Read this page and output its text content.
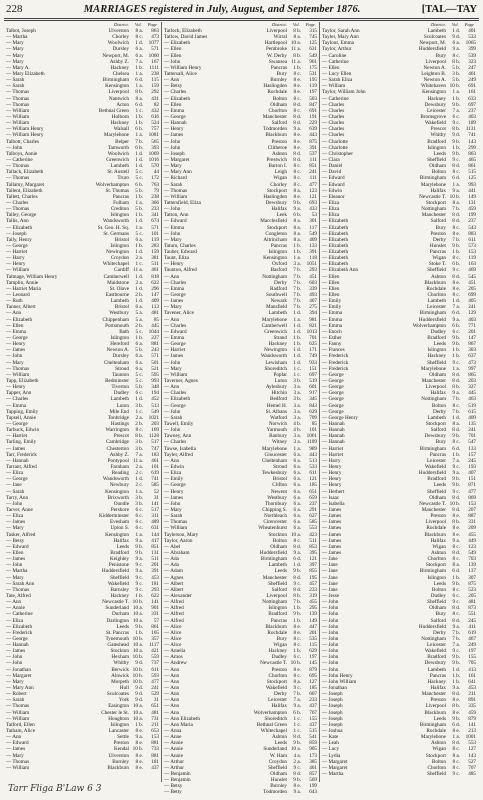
228	MARRIAGES registered in July, August, and September 1876.	[TAL—TAY
District. Vol. Page
Talbot, Joseph	Ulverston	8 a.	863
— Martha	Chorley	8 c.	473
— Mary	Woolwich	1 d.	1077
— Mary	Dursley	6 a.	571
— Mary	Newport, M.	6 a.	1060
— Mary	Ashby Z.	7 a.	167
— Mary A.	Hackney	1 b.	1111
— Mary Elizabeth	Chelsea	1 a.	238
— Sarah	Birmingham	6 d.	115
— Sarah	Kensington	1 a.	159
— Thomas	Liverpool	8 b.	292
— Thomas	Nantwich	8 a.	431
— Thomas	Acton	6 d.	82
— William	Bethnal Green	1 c.	432
— William	Holborn	1 b.	616
— William	Hackney	1 b.	524
— William Henry	Walsall	6 b.	757
— William Henry	Marylebone	1 a.	1081
Talbott, Charles	Belper	7 b.	565
— John	Tamworth	6 b.	393
Talboys, Annie	Woolwich	1 d.	1069
— Catherine	Greenwich	1 d.	1016
— Thomas	Lambeth	1 d.	570
Tallack, Elizabeth	St. Austell	5 c.	44
— Thomas	Truro	5 c.	172
Tallamy, Margaret	Wolverhampton	6 b.	763
Tallent, Elizabeth	St. Thomas	5 b.	79
Tallett, Charles	Pancras	1 b.	238
— Charles	Fulham	1 a.	366
— Thomas	Crediton	5 b.	233
Talley, George	Islington	1 b.	341
Tallis, Ann	Wandsworth	1 d.	674
— Elizabeth	St. Geo. H. Sq.	1 a.	571
— Joseph	St. Germans	5 c.	101
Tally, Henry	Bristol	6 a.	119
— George	Islington	1 b.	283
— Harriet	Newington	1 d.	159
— Harry	Croydon	2 a.	381
— Henry	Whitechapel	1 c.	511
— William	Cardiff 11 a.	461
Talmage, William Henry	Camberwell	1 d.	818
Tamplin, Annie	Maidstone	2 a.	622
— Harriet Maria	St. Olave	1 d.	296
— Leonard	Eastbourne	2 b.	147
— Ruth	Lambeth	1 d.	409
Tanner, Albert	Bristol	6 a.	113
— Ann	Westbury	5 a.	481
— Elizabeth	Chippenham	5 a.	85
— Ellen	Portsmouth	2 b.	445
— Emma	Bath	5 c.	1044
— George	Islington	1 b.	227
— Henry	Hereford	6 a.	881
— James	Newton A.	5 b.	243
— John	Dursley	6 a.	571
— Mary	Cheltenham	6 a.	501
— Thomas	Stroud	6 a.	521
— William	Taunton	5 c.	595
Tapp, Elizabeth	Bedminster	5 c.	993
— Henry	Tiverton	5 b.	348
Tapper, Ann	Dudley	6 c.	194
— Charles	Lambeth	1 d.	452
— Emma	Luton	3 b.	513
Tapping, Emily	Mile End	1 c.	549
Tapsell, Annie	Tonbridge	2 a.	1021
— George	Hastings	2 b.	203
Tarbuck, Edwin	Warrington	8 c.	169
— Harriet	Prescot	8 b.	1128
Tarling, Emily	Cambridge	3 b.	517
— James	Chesterton	3 b.	747
Tarr, Frederick	Ashby Z.	7 a.	183
— Hannah	Pontypool 11 a.	461
Tarrant, Alfred	Farnham	2 a.	101
— Eliza	Reading	2 c.	619
— George	Wandsworth	1 d.	741
— Jane	Newbury	2 c.	585
— Sarah	Kensington	1 a.	52
Tarry, Ann	Brixworth	3 b.	31
— John	Oundle	3 b.	141
Tarver, Anne	Pershore	6 c.	517
— Eliza	Kidderminster	6 c.	311
— James	Evesham	6 c.	489
— Mary	Upton S.	6 c.	631
Tasker, Alfred	Kensington	1 a.	144
— Betsy	Halifax	9 a.	417
— Edward	Leeds	9 b.	851
— Ellen	Bradford	9 b.	131
— James	Keighley	9 a.	511
— John	Penistone	9 c.	201
— Martha	Huddersfield	9 a.	391
— Mary	Sheffield	9 c.	453
— Sarah Ann	Wakefield	9 c.	181
— Thomas	Barnsley	9 c.	293
Tate, Alfred	Hackney	1 b.	622
— Ann	Newcastle T. 10 b.	141
— Annie	Sunderland 10 a.	901
— Catherine	Durham 10 a.	331
— Eliza	Darlington 10 a.	57
— Elizabeth	Leeds	9 b.	861
— Frederick	St. Pancras	1 b.	165
— George	Tynemouth 10 b.	357
— Hannah	Gateshead 10 a.	1117
— James	Stockton 10 a.	421
— John	Hexham 10 b.	559
— John	Whitby	9 d.	737
— Jonathan	Berwick 10 b.	611
— Margaret	Alnwick 10 b.	593
— Mary	Morpeth 10 b.	477
— Mary Ann	Hull	9 d.	241
— Robert	Sculcoates	9 d.	529
— Sarah	York	9 d.	31
— Thomas	Easington 10 a.	651
— William	Chester le St. 10 a.	481
— William	Houghton 10 a.	731
Tatford, Ellen	Islington	1 b.	211
Tatham, Alice	Lancaster	8 e.	653
— Ann	Settle	9 a.	153
— Edward	Preston	8 e.	881
— James	Kendal 10 b.	733
— Mary	Ulverston	8 e.	881
— Thomas	Burnley	8 e.	181
— William	Blackburn	8 e.	437
District. Vol. Page
Tatlock, Elizabeth	Liverpool	8 b.	315
Tatlow, David James	Wirral	8 a.	745
— Elizabeth	Hartlepool 10 a.	125
— Ellen	Pembroke 11 a.	631
— Ellen	W. Derby	8 b.	549
— John	Swansea 11 a.	961
— William Henry	Pancras	1 b.	175
Tattersall, Alice	Bury	8 c.	531
— Ann	Burnley	8 e.	195
— Betsy	Haslingden	8 e.	119
— Charles	Rochdale	8 e.	197
— Elizabeth	Bolton	8 c.	503
— Ellen	Oldham	8 d.	847
— Emma	Chorlton	8 c.	691
— George	Manchester	8 d.	191
— Hannah	Salford	8 d.	229
— Henry	Todmorden	9 a.	639
— James	Blackburn	8 e.	443
— John	Preston	8 e.	875
— John	Clitheroe	8 e.	391
— Joseph	Ashton	8 d.	537
— Margaret	Prestwich	8 d.	111
— Mary	Barton I.	8 c.	851
— Mary Ann	Leigh	8 c.	241
— Richard	Wigan	8 c.	111
— Sarah	Chorley	8 c.	477
— Thomas	Stockport	8 a.	123
— William	Haslingden	8 e.	121
Tattersfield, Eliza	Dewsbury	9 b.	693
— John	Halifax	9 a.	433
Tatton, Ann	Leek	6 b.	53
— Edward	Macclesfield	8 a.	301
— Emma	Stockport	8 a.	117
— John	Congleton	8 a.	549
— Mary	Altrincham	8 a.	409
Tatum, Charles	Pancras	1 b.	133
Tauber, Edward	Islington	1 b.	391
Taunt, Eliza	Kensington	1 a.	118
— Henry	Oxford	3 a.	1051
Taunton, Alfred	Basford	7 b.	293
— Ann	Nottingham	7 b.	451
— Charles	Derby	7 b.	603
— Emma	Radford	7 b.	339
— George	Southwell	7 b.	493
— James	Newark	7 b.	407
— Mary	Mansfield	7 b.	275
Tavener, Alice	Lambeth	1 d.	394
— Ann	Marylebone	1 a.	981
— Charles	Camberwell	1 d.	821
— Edward	Greenwich	1 d.	1013
— Emma	Strand	1 b.	701
— George	Hackney	1 b.	625
— Harriet	Newington	1 d.	171
— James	Wandsworth	1 d.	749
— John	Lewisham	1 d.	933
— Mary	Shoreditch	1 c.	151
— William	Poplar	1 c.	697
Taverner, Agnes	Luton	3 b.	519
— Ann	Aylesbury	3 a.	601
— Charles	Hitchin	3 a.	917
— Elizabeth	Bedford	3 b.	345
— George	Hemel H.	3 a.	843
— John	St. Albans	3 a.	629
— Sarah	Watford	3 a.	709
Tawell, Emily	Norwich	4 b.	85
— John	Yarmouth	4 b.	101
Tawney, Ann	Banbury	3 a.	1061
— Charles	Witney	3 a.	1109
Tawse, Isabella	Marylebone	1 a.	989
Tayler, Alfred	Gloucester	6 a.	443
— Ann	Cheltenham	6 a.	513
— Edwin	Stroud	6 a.	533
— Eliza	Tewkesbury	6 a.	611
— Emily	Bristol	6 a.	121
— George	Clifton	6 a.	185
— Henry	Newent	6 a.	651
— James	Westbury	6 a.	659
— John	Thornbury	6 a.	237
— Mary	Chipping S.	6 a.	291
— Sarah	Northleach	6 a.	627
— Thomas	Cirencester	6 a.	585
— William	Wheatenhurst	6 a.	553
Taylerson, Mary	Stockton 10 a.	423
Taylor, Aaron	Bolton	8 c.	511
— Abel	Oldham	8 d.	853
— Abraham	Huddersfield	9 a.	395
— Ada	Birmingham	6 d.	121
— Ada	Lambeth	1 d.	397
— Adam	Leeds	9 b.	855
— Agnes	Manchester	8 d.	195
— Albert	Sheffield	9 c.	457
— Albert	Salford	8 d.	233
— Alexander	Liverpool	8 b.	319
— Alfred	Nottingham	7 b.	455
— Alfred	Islington	1 b.	295
— Alfred	Bradford	9 b.	139
— Alfred	Pancras	1 b.	149
— Alice	Blackburn	8 e.	447
— Alice	Rochdale	8 e.	201
— Alice	Bury	8 c.	535
— Alice	Wigan	8 c.	115
— Amelia	Hackney	1 b.	629
— Amos	Dudley	6 c.	197
— Andrew	Newcastle T. 10 b.	145
— Ann	Preston	8 e.	879
— Ann	Chorlton	8 c.	695
— Ann	Stockport	8 a.	127
— Ann	Wakefield	9 c.	185
— Ann	Derby	7 b.	607
— Ann	Leicester	7 a.	233
— Ann	Halifax	9 a.	437
— Ann	Wolverhampton	6 b.	767
— Ann Elizabeth	Shoreditch	1 c.	155
— Ann Maria	Bethnal Green	1 c.	437
— Anna	Whitechapel	1 c.	515
— Anne	Ashton	8 d.	541
— Annie	Leeds	9 b.	859
— Annie	Sunderland 10 a.	905
— Annie	W. Ham	4 a.	173
— Arthur	Croydon	2 a.	385
— Arthur	Sheffield	9 c.	461
— Benjamin	Oldham	8 d.	857
— Benjamin	Hunslet	9 b.	569
— Betsy	Burnley	8 e.	199
— Betty	Todmorden	9 a.	643
District. Vol. Page
Taylor, Sarah Ann	Lambeth	1 d.	401
Tayler, Mary Ann	Sculcoates	9 d.	533
Taylour, Emma	Newport, M.	6 a.	1065
Taylor, Arthur	Huddersfield	9 a.	399
— Caroline	Bury	8 c.	539
— Catherine	Liverpool	8 b.	323
— Ellen	Newton A.	5 b.	247
— Lucy Ellen	Leighton B.	3 b.	461
— Sarah Eliza	Newton A.	5 b.	249
— William	Whitehaven 10 b.	691
Taylor, William John	Kensington	1 a.	161
— Catherine	Hackney	1 b.	633
— Charles	Dewsbury	9 b.	697
— Charles	Leicester	7 a.	237
— Charles	Bromsgrove	6 c.	403
— Charles	Wakefield	9 c.	189
— Charles	Prescot	8 b.	1131
— Charles	Whitby	9 d.	741
— Charlotte	Bradford	9 b.	143
— Charlotte	Islington	1 b.	299
— Christopher	Leeds	9 b.	863
— Clara	Sheffield	9 c.	465
— Daniel	Oldham	8 d.	861
— David	Bolton	8 c.	515
— Edward	Birmingham	6 d.	125
— Edward	Marylebone	1 a.	993
— Edwin	Halifax	9 a.	441
— Eleanor	Newcastle T. 10 b.	149
— Eliza	Stockport	8 a.	131
— Eliza	Nottingham	7 b.	459
— Eliza	Manchester	8 d.	199
— Elizabeth	Salford	8 d.	237
— Elizabeth	Bury	8 c.	543
— Elizabeth	Preston	8 e.	883
— Elizabeth	Derby	7 b.	611
— Elizabeth	Hunslet	9 b.	573
— Elizabeth	Pancras	1 b.	153
— Elizabeth	Wigan	8 c.	119
— Elizabeth	Stoke T.	6 b.	163
— Elizabeth Ann	Sheffield	9 c.	469
— Ellen	Ashton	8 d.	545
— Ellen	Blackburn	8 e.	451
— Ellen	Rochdale	8 e.	205
— Ellen	Chorlton	8 c.	699
— Emily	Lambeth	1 d.	405
— Emily	Leicester	7 a.	241
— Emma	Birmingham	6 d.	129
— Emma	Huddersfield	9 a.	403
— Emma	Wolverhampton	6 b.	771
— Enoch	Dudley	6 c.	201
— Esther	Bradford	9 b.	147
— Fanny	Leeds	9 b.	867
— Frances	Islington	1 b.	303
— Frederick	Hackney	1 b.	637
— Frederick	Sheffield	9 c.	473
— Frederick	Marylebone	1 a.	997
— George	Oldham	8 d.	865
— George	Manchester	8 d.	203
— George	Liverpool	8 b.	327
— George	Halifax	9 a.	445
— George	Nottingham	7 b.	463
— George	Bolton	8 c.	519
— George	Derby	7 b.	615
— George Henry	Lambeth	1 d.	409
— Hannah	Stockport	8 a.	135
— Hannah	Salford	8 d.	241
— Hannah	Dewsbury	9 b.	701
— Hannah	Bury	8 c.	547
— Harriet	Birmingham	6 d.	133
— Harriet	Pancras	1 b.	157
— Harry	Leicester	7 a.	245
— Henry	Wakefield	9 c.	193
— Henry	Huddersfield	9 a.	407
— Henry	Bradford	9 b.	151
— Henry	Leeds	9 b.	871
— Herbert	Sheffield	9 c.	477
— Isaac	Oldham	8 d.	869
— Isabella	Newcastle T. 10 b.	153
— James	Manchester	8 d.	207
— James	Preston	8 e.	887
— James	Liverpool	8 b.	331
— James	Rochdale	8 e.	209
— James	Blackburn	8 e.	455
— James	Halifax	9 a.	449
— James	Wigan	8 c.	123
— James	Ashton	8 d.	549
— Jane	Chorlton	8 c.	703
— Jane	Stockport	8 a.	139
— Jane	Birmingham	6 d.	137
— Jane	Islington	1 b.	307
— Jane	Leeds	9 b.	875
— Jane	Bolton	8 c.	523
— Jesse	Dudley	6 c.	205
— John	Sheffield	9 c.	481
— John	Oldham	8 d.	873
— John	Bury	8 c.	551
— John	Salford	8 d.	245
— John	Huddersfield	9 a.	411
— John	Derby	7 b.	619
— John	Nottingham	7 b.	467
— John	Leicester	7 a.	249
— John	Wakefield	9 c.	197
— John	Bradford	9 b.	155
— John	Dewsbury	9 b.	705
— John	Lambeth	1 d.	413
— John Henry	Pancras	1 b.	161
— John William	Hackney	1 b.	641
— Jonathan	Halifax	9 a.	453
— Joseph	Manchester	8 d.	211
— Joseph	Preston	8 e.	891
— Joseph	Liverpool	8 b.	335
— Joseph	Blackburn	8 e.	459
— Joseph	Leeds	9 b.	879
— Joseph	Birmingham	6 d.	141
— Joshua	Rochdale	8 e.	213
— Kate	Marylebone	1 a.	1001
— Leah	Ashton	8 d.	553
— Lucy	Wigan	8 c.	127
— Lydia	Stockport	8 a.	143
— Margaret	Bolton	8 c.	527
— Margaret	Chorlton	8 c.	707
— Martha	Sheffield	9 c.	485
Tarr Fliga B'Law 6 3
